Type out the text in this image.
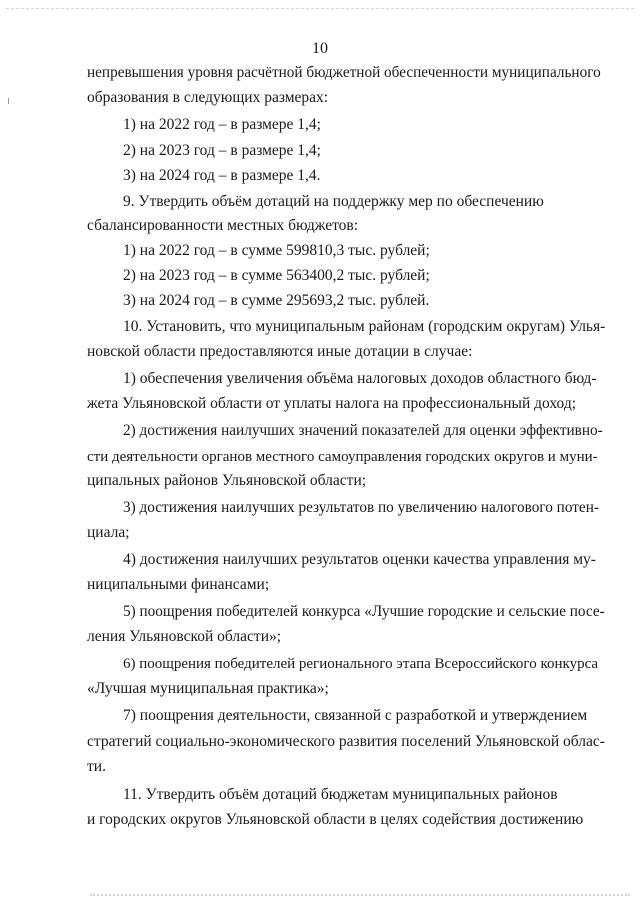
10

непревышения уровня расчётной бюджетной обеспеченности муниципального

образования в следующих размерах:

1) на 2022 год – в размере 1,4;

2) на 2023 год – в размере 1,4;

3) на 2024 год – в размере 1,4.

9. Утвердить объём дотаций на поддержку мер по обеспечению

сбалансированности местных бюджетов:

1) на 2022 год – в сумме 599810,3 тыс. рублей;

2) на 2023 год – в сумме 563400,2 тыс. рублей;

3) на 2024 год – в сумме 295693,2 тыс. рублей.

10. Установить, что муниципальным районам (городским округам) Улья-

новской области предоставляются иные дотации в случае:

1) обеспечения увеличения объёма налоговых доходов областного бюд-

жета Ульяновской области от уплаты налога на профессиональный доход;

2) достижения наилучших значений показателей для оценки эффективно-

сти деятельности органов местного самоуправления городских округов и муни-

ципальных районов Ульяновской области;

3) достижения наилучших результатов по увеличению налогового потен-

циала;

4) достижения наилучших результатов оценки качества управления му-

ниципальными финансами;

5) поощрения победителей конкурса «Лучшие городские и сельские посе-

ления Ульяновской области»;

6) поощрения победителей регионального этапа Всероссийского конкурса

«Лучшая муниципальная практика»;

7) поощрения деятельности, связанной с разработкой и утверждением

стратегий социально-экономического развития поселений Ульяновской облас-

ти.

11. Утвердить объём дотаций бюджетам муниципальных районов

и городских округов Ульяновской области в целях содействия достижению
